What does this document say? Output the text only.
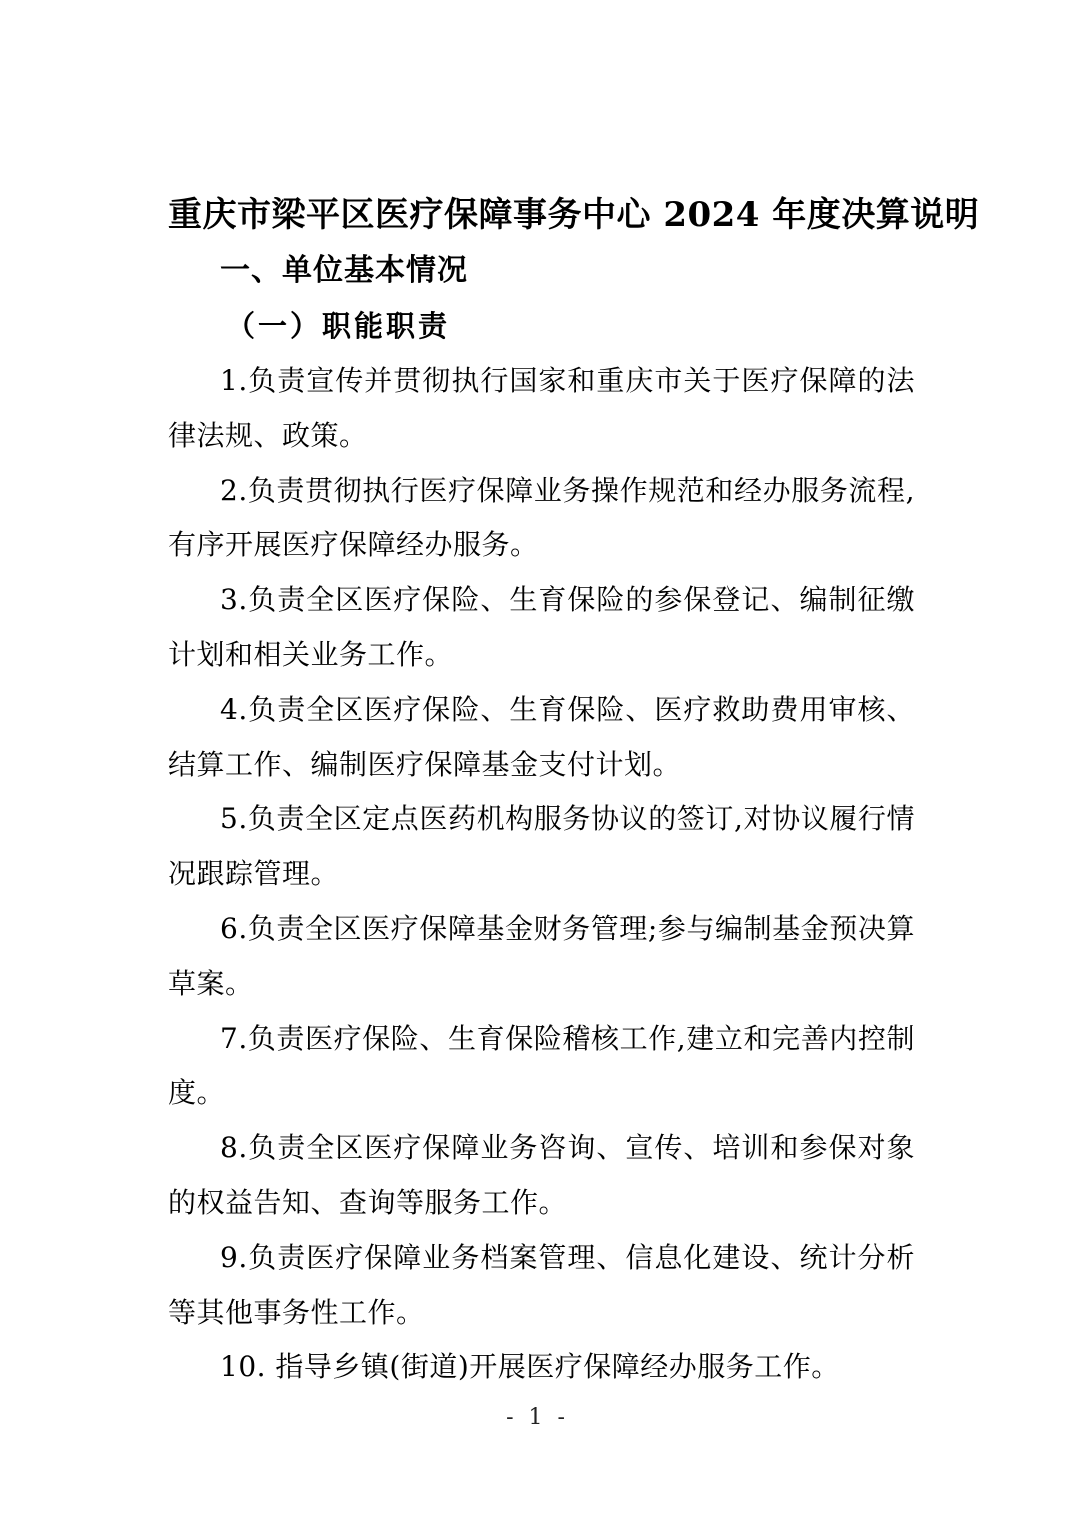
重庆市梁平区医疗保障事务中心 2024 年度决算说明
一、单位基本情况
（一）职能职责

1.负责宣传并贯彻执行国家和重庆市关于医疗保障的法律法规、政策。

2.负责贯彻执行医疗保障业务操作规范和经办服务流程,有序开展医疗保障经办服务。

3.负责全区医疗保险、生育保险的参保登记、编制征缴计划和相关业务工作。

4.负责全区医疗保险、生育保险、医疗救助费用审核、结算工作、编制医疗保障基金支付计划。

5.负责全区定点医药机构服务协议的签订,对协议履行情况跟踪管理。

6.负责全区医疗保障基金财务管理;参与编制基金预决算草案。

7.负责医疗保险、生育保险稽核工作,建立和完善内控制度。

8.负责全区医疗保障业务咨询、宣传、培训和参保对象的权益告知、查询等服务工作。

9.负责医疗保障业务档案管理、信息化建设、统计分析等其他事务性工作。

10. 指导乡镇(街道)开展医疗保障经办服务工作。

- 1 -
